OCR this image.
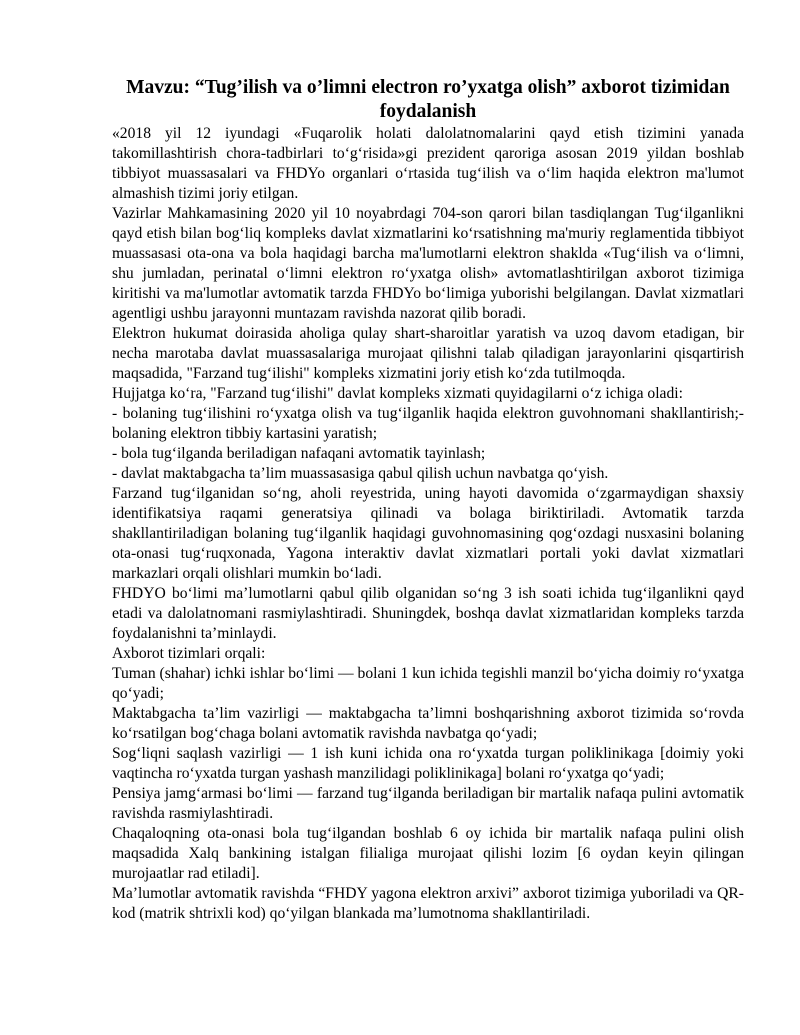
Mavzu: “Tug’ilish va o’limni electron ro’yxatga olish” axborot tizimidan foydalanish

«2018 yil 12 iyundagi «Fuqarolik holati dalolatnomalarini qayd etish tizimini yanada takomillashtirish chora-tadbirlari to‘g‘risida»gi prezident qaroriga asosan 2019 yildan boshlab tibbiyot muassasalari va FHDYo organlari o‘rtasida tug‘ilish va o‘lim haqida elektron ma'lumot almashish tizimi joriy etilgan.

Vazirlar Mahkamasining 2020 yil 10 noyabrdagi 704-son qarori bilan tasdiqlangan Tug‘ilganlikni qayd etish bilan bog‘liq kompleks davlat xizmatlarini ko‘rsatishning ma'muriy reglamentida tibbiyot muassasasi ota-ona va bola haqidagi barcha ma'lumotlarni elektron shaklda «Tug‘ilish va o‘limni, shu jumladan, perinatal o‘limni elektron ro‘yxatga olish» avtomatlashtirilgan axborot tizimiga kiritishi va ma'lumotlar avtomatik tarzda FHDYo bo‘limiga yuborishi belgilangan. Davlat xizmatlari agentligi ushbu jarayonni muntazam ravishda nazorat qilib boradi.

Elektron hukumat doirasida aholiga qulay shart-sharoitlar yaratish va uzoq davom etadigan, bir necha marotaba davlat muassasalariga murojaat qilishni talab qiladigan jarayonlarini qisqartirish maqsadida, "Farzand tug‘ilishi" kompleks xizmatini joriy etish ko‘zda tutilmoqda.

Hujjatga ko‘ra, "Farzand tug‘ilishi" davlat kompleks xizmati quyidagilarni o‘z ichiga oladi:

- bolaning tug‘ilishini ro‘yxatga olish va tug‘ilganlik haqida elektron guvohnomani shakllantirish;- bolaning elektron tibbiy kartasini yaratish;

- bola tug‘ilganda beriladigan nafaqani avtomatik tayinlash;

- davlat maktabgacha ta’lim muassasasiga qabul qilish uchun navbatga qo‘yish.

Farzand tug‘ilganidan so‘ng, aholi reyestrida, uning hayoti davomida o‘zgarmaydigan shaxsiy identifikatsiya raqami generatsiya qilinadi va bolaga biriktiriladi. Avtomatik tarzda shakllantiriladigan bolaning tug‘ilganlik haqidagi guvohnomasining qog‘ozdagi nusxasini bolaning ota-onasi tug‘ruqxonada, Yagona interaktiv davlat xizmatlari portali yoki davlat xizmatlari markazlari orqali olishlari mumkin bo‘ladi.

FHDYO bo‘limi ma’lumotlarni qabul qilib olganidan so‘ng 3 ish soati ichida tug‘ilganlikni qayd etadi va dalolatnomani rasmiylashtiradi. Shuningdek, boshqa davlat xizmatlaridan kompleks tarzda foydalanishni ta’minlaydi.

Axborot tizimlari orqali:

Tuman (shahar) ichki ishlar bo‘limi — bolani 1 kun ichida tegishli manzil bo‘yicha doimiy ro‘yxatga qo‘yadi;

Maktabgacha ta’lim vazirligi — maktabgacha ta’limni boshqarishning axborot tizimida so‘rovda ko‘rsatilgan bog‘chaga bolani avtomatik ravishda navbatga qo‘yadi;

Sog‘liqni saqlash vazirligi — 1 ish kuni ichida ona ro‘yxatda turgan poliklinikaga [doimiy yoki vaqtincha ro‘yxatda turgan yashash manzilidagi poliklinikaga] bolani ro‘yxatga qo‘yadi;

Pensiya jamg‘armasi bo‘limi — farzand tug‘ilganda beriladigan bir martalik nafaqa pulini avtomatik ravishda rasmiylashtiradi.

Chaqaloqning ota-onasi bola tug‘ilgandan boshlab 6 oy ichida bir martalik nafaqa pulini olish maqsadida Xalq bankining istalgan filialiga murojaat qilishi lozim [6 oydan keyin qilingan murojaatlar rad etiladi].

Ma’lumotlar avtomatik ravishda “FHDY yagona elektron arxivi” axborot tizimiga yuboriladi va QR-kod (matrik shtrixli kod) qo‘yilgan blankada ma’lumotnoma shakllantiriladi.
